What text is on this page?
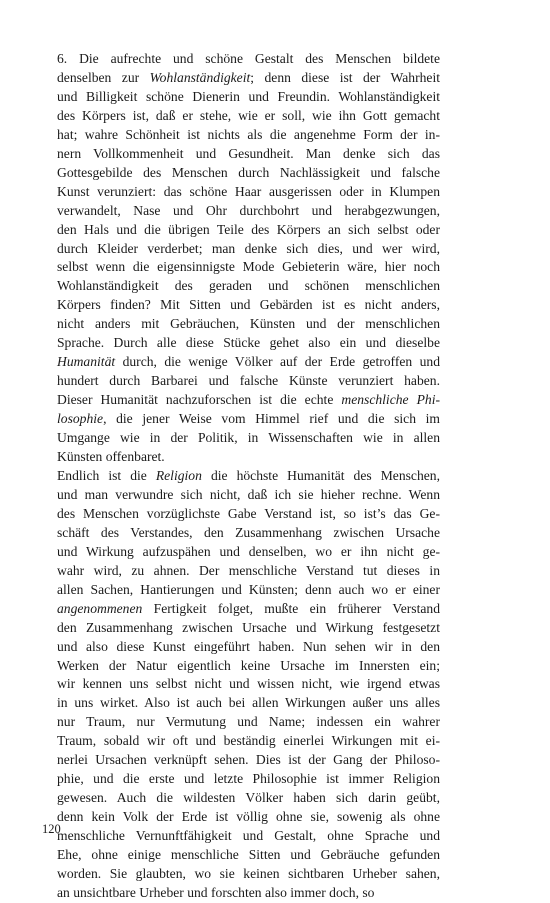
6. Die aufrechte und schöne Gestalt des Menschen bildete
denselben zur Wohlanständigkeit; denn diese ist der Wahrheit
und Billigkeit schöne Dienerin und Freundin. Wohlanständigkeit
des Körpers ist, daß er stehe, wie er soll, wie ihn Gott gemacht
hat; wahre Schönheit ist nichts als die angenehme Form der in-
nern Vollkommenheit und Gesundheit. Man denke sich das
Gottesgebilde des Menschen durch Nachlässigkeit und falsche
Kunst verunziert: das schöne Haar ausgerissen oder in Klumpen
verwandelt, Nase und Ohr durchbohrt und herabgezwungen,
den Hals und die übrigen Teile des Körpers an sich selbst oder
durch Kleider verderbet; man denke sich dies, und wer wird,
selbst wenn die eigensinnigste Mode Gebieterin wäre, hier noch
Wohlanständigkeit des geraden und schönen menschlichen
Körpers finden? Mit Sitten und Gebärden ist es nicht anders,
nicht anders mit Gebräuchen, Künsten und der menschlichen
Sprache. Durch alle diese Stücke gehet also ein und dieselbe
Humanität durch, die wenige Völker auf der Erde getroffen und
hundert durch Barbarei und falsche Künste verunziert haben.
Dieser Humanität nachzuforschen ist die echte menschliche Phi-
losophie, die jener Weise vom Himmel rief und die sich im
Umgange wie in der Politik, in Wissenschaften wie in allen
Künsten offenbaret.

Endlich ist die Religion die höchste Humanität des Menschen,
und man verwundre sich nicht, daß ich sie hieher rechne. Wenn
des Menschen vorzüglichste Gabe Verstand ist, so ist’s das Ge-
schäft des Verstandes, den Zusammenhang zwischen Ursache
und Wirkung aufzuspähen und denselben, wo er ihn nicht ge-
wahr wird, zu ahnen. Der menschliche Verstand tut dieses in
allen Sachen, Hantierungen und Künsten; denn auch wo er einer
angenommenen Fertigkeit folget, mußte ein früherer Verstand
den Zusammenhang zwischen Ursache und Wirkung festgesetzt
und also diese Kunst eingeführt haben. Nun sehen wir in den
Werken der Natur eigentlich keine Ursache im Innersten ein;
wir kennen uns selbst nicht und wissen nicht, wie irgend etwas
in uns wirket. Also ist auch bei allen Wirkungen außer uns alles
nur Traum, nur Vermutung und Name; indessen ein wahrer
Traum, sobald wir oft und beständig einerlei Wirkungen mit ei-
nerlei Ursachen verknüpft sehen. Dies ist der Gang der Philoso-
phie, und die erste und letzte Philosophie ist immer Religion
gewesen. Auch die wildesten Völker haben sich darin geübt,
denn kein Volk der Erde ist völlig ohne sie, sowenig als ohne
menschliche Vernunftfähigkeit und Gestalt, ohne Sprache und
Ehe, ohne einige menschliche Sitten und Gebräuche gefunden
worden. Sie glaubten, wo sie keinen sichtbaren Urheber sahen,
an unsichtbare Urheber und forschten also immer doch, so

120
